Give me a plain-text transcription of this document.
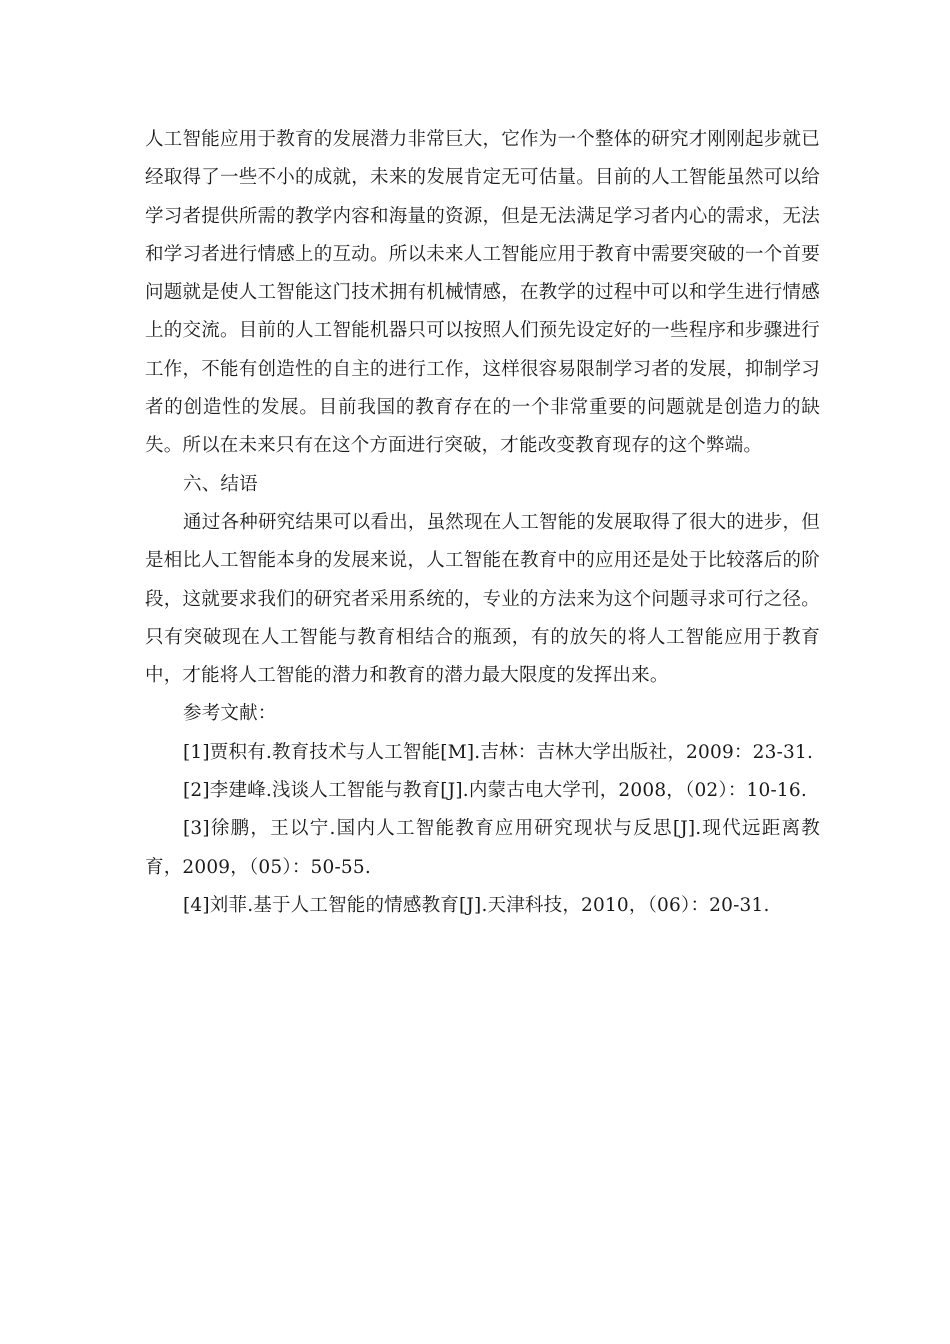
人工智能应用于教育的发展潜力非常巨大，它作为一个整体的研究才刚刚起步就已经取得了一些不小的成就，未来的发展肯定无可估量。目前的人工智能虽然可以给学习者提供所需的教学内容和海量的资源，但是无法满足学习者内心的需求，无法和学习者进行情感上的互动。所以未来人工智能应用于教育中需要突破的一个首要问题就是使人工智能这门技术拥有机械情感，在教学的过程中可以和学生进行情感上的交流。目前的人工智能机器只可以按照人们预先设定好的一些程序和步骤进行工作，不能有创造性的自主的进行工作，这样很容易限制学习者的发展，抑制学习者的创造性的发展。目前我国的教育存在的一个非常重要的问题就是创造力的缺失。所以在未来只有在这个方面进行突破，才能改变教育现存的这个弊端。

六、结语

通过各种研究结果可以看出，虽然现在人工智能的发展取得了很大的进步，但是相比人工智能本身的发展来说，人工智能在教育中的应用还是处于比较落后的阶段，这就要求我们的研究者采用系统的，专业的方法来为这个问题寻求可行之径。只有突破现在人工智能与教育相结合的瓶颈，有的放矢的将人工智能应用于教育中，才能将人工智能的潜力和教育的潜力最大限度的发挥出来。

参考文献：

[1]贾积有.教育技术与人工智能[M].吉林：吉林大学出版社，2009：23-31.

[2]李建峰.浅谈人工智能与教育[J].内蒙古电大学刊，2008，（02）：10-16.

[3]徐鹏，王以宁.国内人工智能教育应用研究现状与反思[J].现代远距离教育，2009，（05）：50-55.

[4]刘菲.基于人工智能的情感教育[J].天津科技，2010，（06）：20-31.
